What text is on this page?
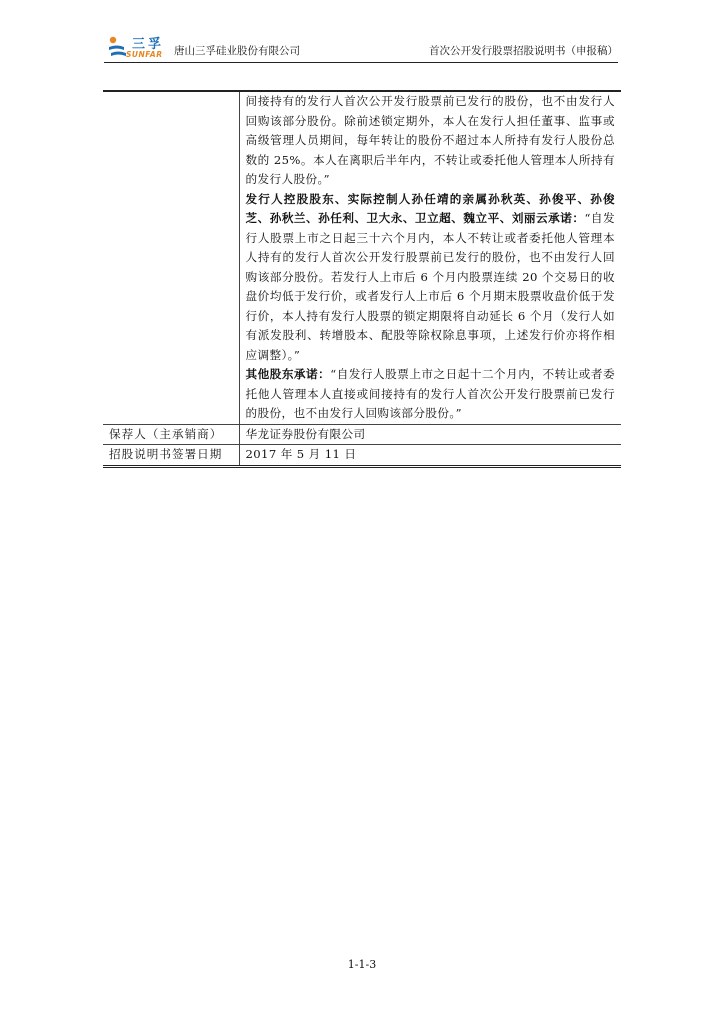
三孚
SUNFAR 唐山三孚硅业股份有限公司	首次公开发行股票招股说明书（申报稿）

	间接持有的发行人首次公开发行股票前已发行的股份，也不由发行人回购该部分股份。除前述锁定期外，本人在发行人担任董事、监事或高级管理人员期间，每年转让的股份不超过本人所持有发行人股份总数的 25%。本人在离职后半年内，不转让或委托他人管理本人所持有的发行人股份。”

发行人控股股东、实际控制人孙任靖的亲属孙秋英、孙俊平、孙俊芝、孙秋兰、孙任利、卫大永、卫立超、魏立平、刘丽云承诺：“自发行人股票上市之日起三十六个月内，本人不转让或者委托他人管理本人持有的发行人首次公开发行股票前已发行的股份，也不由发行人回购该部分股份。若发行人上市后 6 个月内股票连续 20 个交易日的收盘价均低于发行价，或者发行人上市后 6 个月期末股票收盘价低于发行价，本人持有发行人股票的锁定期限将自动延长 6 个月（发行人如有派发股利、转增股本、配股等除权除息事项，上述发行价亦将作相应调整）。”

其他股东承诺：“自发行人股票上市之日起十二个月内，不转让或者委托他人管理本人直接或间接持有的发行人首次公开发行股票前已发行的股份，也不由发行人回购该部分股份。”

保荐人（主承销商）	华龙证券股份有限公司
招股说明书签署日期	2017 年 5 月 11 日
1-1-3
